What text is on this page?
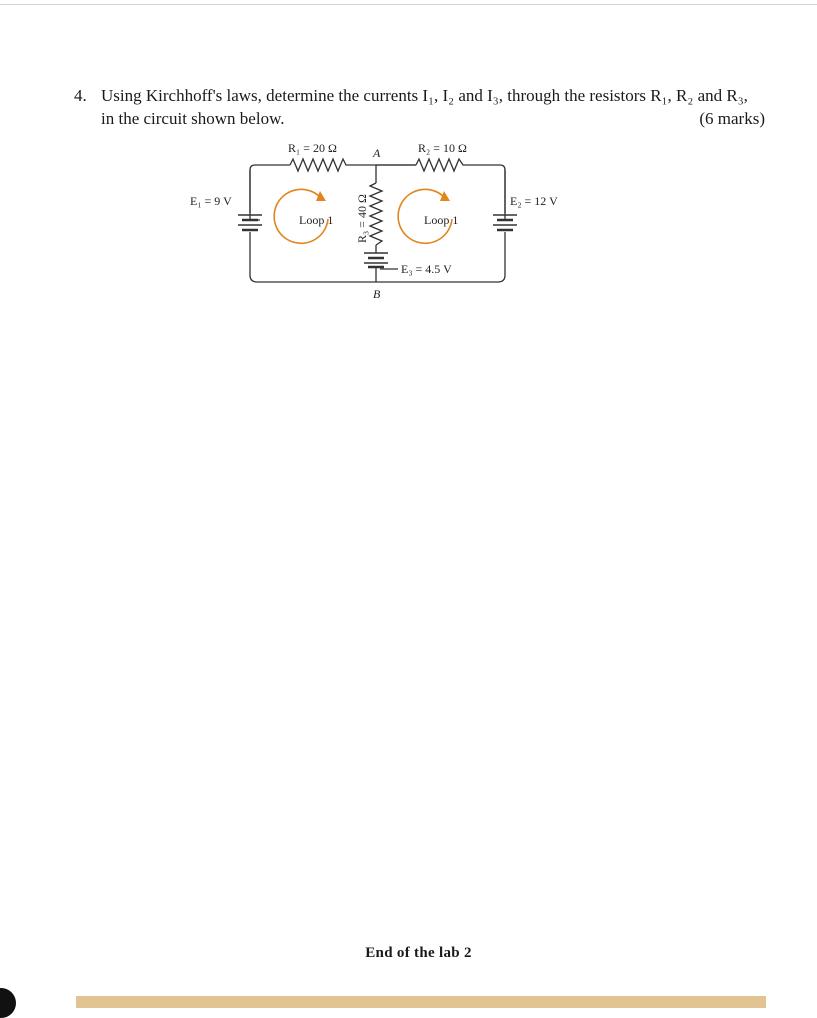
4. Using Kirchhoff's laws, determine the currents I₁, I₂ and I₃, through the resistors R₁, R₂ and R₃,
in the circuit shown below.	(6 marks)
R₁ = 20 Ω	R₂ = 10 Ω
A
B
E₁ = 9 V	E₂ = 12 V
E₃ = 4.5 V
Loop 1	Loop 1
R₃ = 40 Ω
End of the lab 2
